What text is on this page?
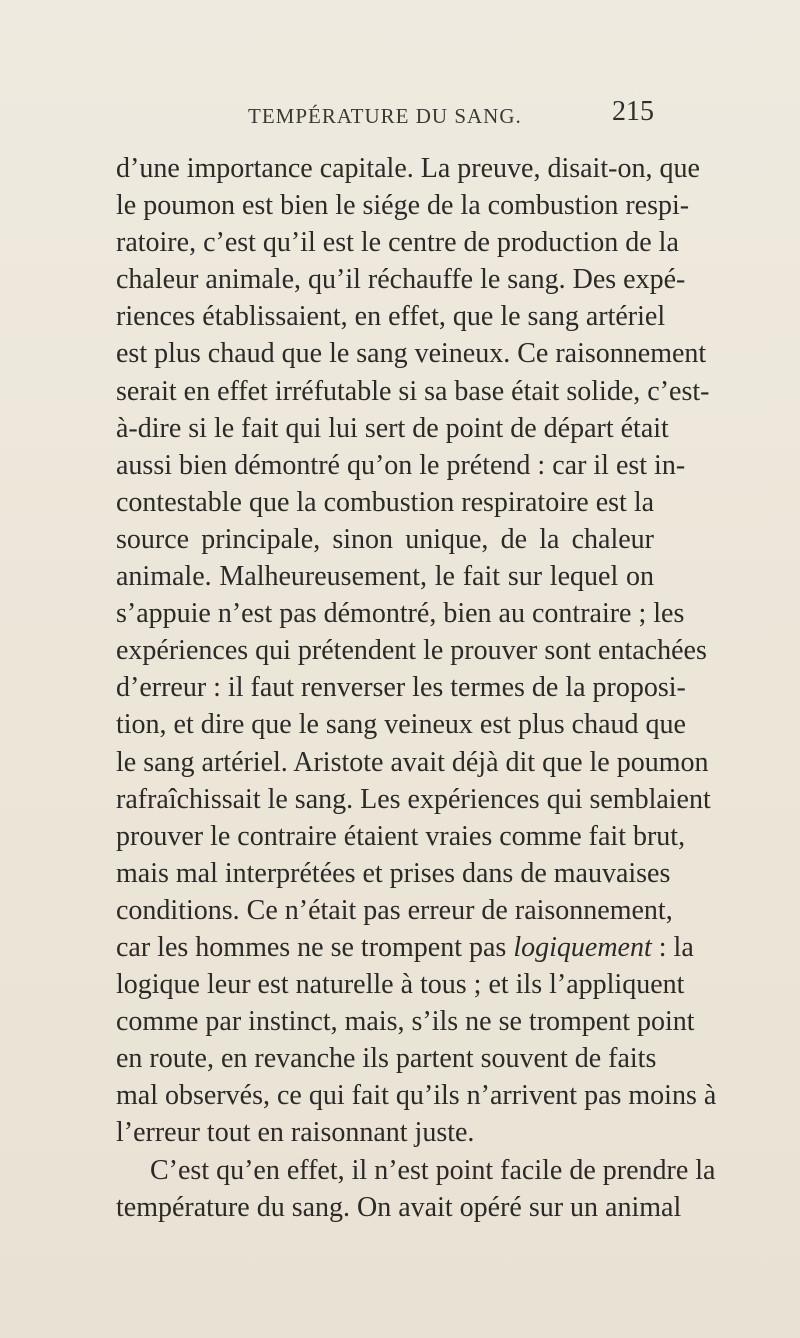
TEMPÉRATURE DU SANG.	215
d’une importance capitale. La preuve, disait-on, que
le poumon est bien le siége de la combustion respi-
ratoire, c’est qu’il est le centre de production de la
chaleur animale, qu’il réchauffe le sang. Des expé-
riences établissaient, en effet, que le sang artériel
est plus chaud que le sang veineux. Ce raisonnement
serait en effet irréfutable si sa base était solide, c’est-
à-dire si le fait qui lui sert de point de départ était
aussi bien démontré qu’on le prétend : car il est in-
contestable que la combustion respiratoire est la
source principale, sinon unique, de la chaleur
animale. Malheureusement, le fait sur lequel on
s’appuie n’est pas démontré, bien au contraire ; les
expériences qui prétendent le prouver sont entachées
d’erreur : il faut renverser les termes de la proposi-
tion, et dire que le sang veineux est plus chaud que
le sang artériel. Aristote avait déjà dit que le poumon
rafraîchissait le sang. Les expériences qui semblaient
prouver le contraire étaient vraies comme fait brut,
mais mal interprétées et prises dans de mauvaises
conditions. Ce n’était pas erreur de raisonnement,
car les hommes ne se trompent pas logiquement : la
logique leur est naturelle à tous ; et ils l’appliquent
comme par instinct, mais, s’ils ne se trompent point
en route, en revanche ils partent souvent de faits
mal observés, ce qui fait qu’ils n’arrivent pas moins à
l’erreur tout en raisonnant juste.
C’est qu’en effet, il n’est point facile de prendre la
température du sang. On avait opéré sur un animal
